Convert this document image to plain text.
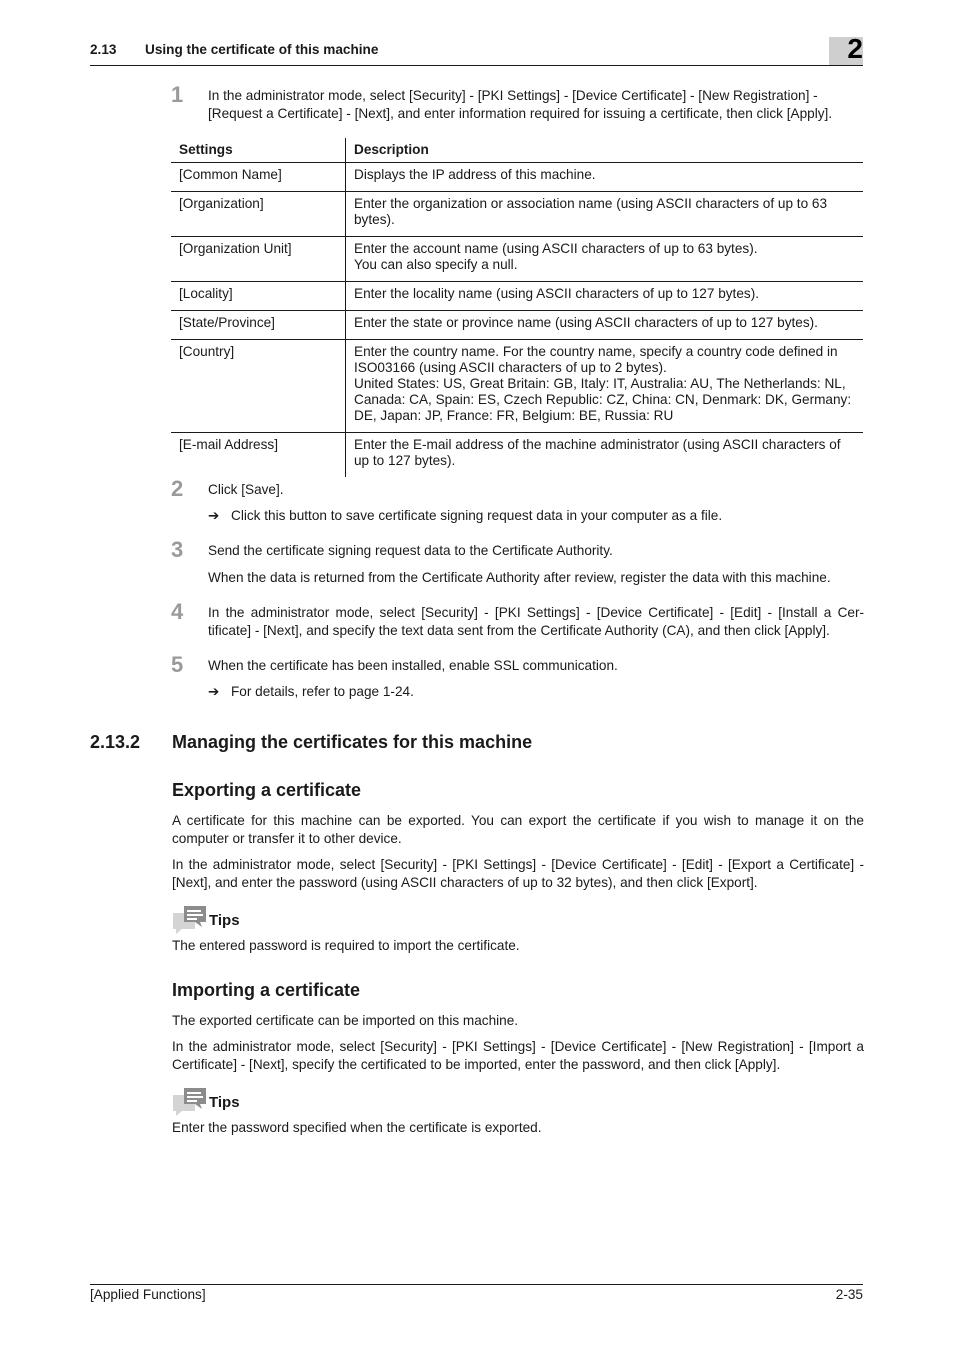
2.13 Using the certificate of this machine	2
1 In the administrator mode, select [Security] - [PKI Settings] - [Device Certificate] - [New Registration] - [Request a Certificate] - [Next], and enter information required for issuing a certificate, then click [Apply].
Settings	Description
[Common Name]	Displays the IP address of this machine.

[Organization]	Enter the organization or association name (using ASCII characters of up to 63 bytes).

[Organization Unit]	Enter the account name (using ASCII characters of up to 63 bytes).
You can also specify a null.

[Locality]	Enter the locality name (using ASCII characters of up to 127 bytes).

[State/Province]	Enter the state or province name (using ASCII characters of up to 127 bytes).

[Country]	Enter the country name. For the country name, specify a country code defined in ISO03166 (using ASCII characters of up to 2 bytes).
United States: US, Great Britain: GB, Italy: IT, Australia: AU, The Netherlands: NL, Canada: CA, Spain: ES, Czech Republic: CZ, China: CN, Denmark: DK, Germany: DE, Japan: JP, France: FR, Belgium: BE, Russia: RU

[E-mail Address]	Enter the E-mail address of the machine administrator (using ASCII characters of up to 127 bytes).
2 Click [Save].
➔ Click this button to save certificate signing request data in your computer as a file.
3 Send the certificate signing request data to the Certificate Authority.
When the data is returned from the Certificate Authority after review, register the data with this machine.
4 In the administrator mode, select [Security] - [PKI Settings] - [Device Certificate] - [Edit] - [Install a Cer-tificate] - [Next], and specify the text data sent from the Certificate Authority (CA), and then click [Apply].
5 When the certificate has been installed, enable SSL communication.
➔ For details, refer to page 1-24.
2.13.2 Managing the certificates for this machine
Exporting a certificate
A certificate for this machine can be exported. You can export the certificate if you wish to manage it on the computer or transfer it to other device.
In the administrator mode, select [Security] - [PKI Settings] - [Device Certificate] - [Edit] - [Export a Certificate] - [Next], and enter the password (using ASCII characters of up to 32 bytes), and then click [Export].
Tips
The entered password is required to import the certificate.
Importing a certificate
The exported certificate can be imported on this machine.
In the administrator mode, select [Security] - [PKI Settings] - [Device Certificate] - [New Registration] - [Import a Certificate] - [Next], specify the certificated to be imported, enter the password, and then click [Apply].
Tips
Enter the password specified when the certificate is exported.
[Applied Functions]	2-35
